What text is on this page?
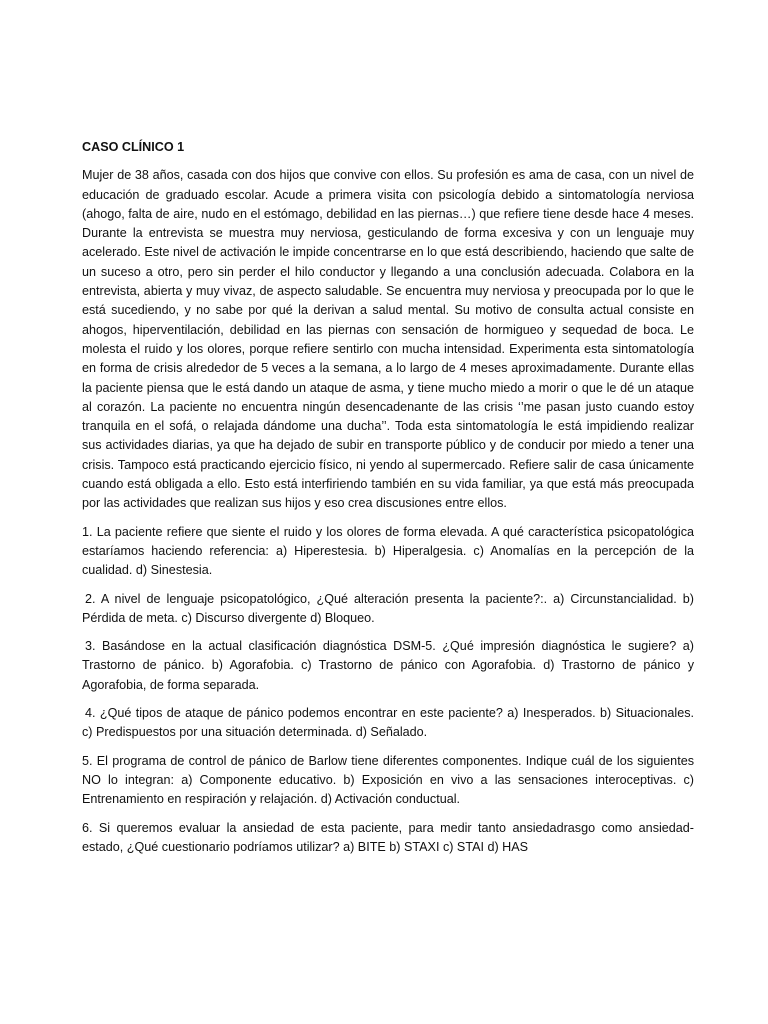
CASO CLÍNICO 1
Mujer de 38 años, casada con dos hijos que convive con ellos. Su profesión es ama de casa, con un nivel de educación de graduado escolar. Acude a primera visita con psicología debido a sintomatología nerviosa (ahogo, falta de aire, nudo en el estómago, debilidad en las piernas…) que refiere tiene desde hace 4 meses. Durante la entrevista se muestra muy nerviosa, gesticulando de forma excesiva y con un lenguaje muy acelerado. Este nivel de activación le impide concentrarse en lo que está describiendo, haciendo que salte de un suceso a otro, pero sin perder el hilo conductor y llegando a una conclusión adecuada. Colabora en la entrevista, abierta y muy vivaz, de aspecto saludable. Se encuentra muy nerviosa y preocupada por lo que le está sucediendo, y no sabe por qué la derivan a salud mental. Su motivo de consulta actual consiste en ahogos, hiperventilación, debilidad en las piernas con sensación de hormigueo y sequedad de boca. Le molesta el ruido y los olores, porque refiere sentirlo con mucha intensidad. Experimenta esta sintomatología en forma de crisis alrededor de 5 veces a la semana, a lo largo de 4 meses aproximadamente. Durante ellas la paciente piensa que le está dando un ataque de asma, y tiene mucho miedo a morir o que le dé un ataque al corazón. La paciente no encuentra ningún desencadenante de las crisis ‘’me pasan justo cuando estoy tranquila en el sofá, o relajada dándome una ducha’’. Toda esta sintomatología le está impidiendo realizar sus actividades diarias, ya que ha dejado de subir en transporte público y de conducir por miedo a tener una crisis. Tampoco está practicando ejercicio físico, ni yendo al supermercado. Refiere salir de casa únicamente cuando está obligada a ello. Esto está interfiriendo también en su vida familiar, ya que está más preocupada por las actividades que realizan sus hijos y eso crea discusiones entre ellos.
1. La paciente refiere que siente el ruido y los olores de forma elevada. A qué característica psicopatológica estaríamos haciendo referencia: a) Hiperestesia. b) Hiperalgesia. c) Anomalías en la percepción de la cualidad. d) Sinestesia.
2. A nivel de lenguaje psicopatológico, ¿Qué alteración presenta la paciente?:. a) Circunstancialidad. b) Pérdida de meta. c) Discurso divergente d) Bloqueo.
3. Basándose en la actual clasificación diagnóstica DSM-5. ¿Qué impresión diagnóstica le sugiere? a) Trastorno de pánico. b) Agorafobia. c) Trastorno de pánico con Agorafobia. d) Trastorno de pánico y Agorafobia, de forma separada.
4. ¿Qué tipos de ataque de pánico podemos encontrar en este paciente? a) Inesperados. b) Situacionales. c) Predispuestos por una situación determinada. d) Señalado.
5. El programa de control de pánico de Barlow tiene diferentes componentes. Indique cuál de los siguientes NO lo integran: a) Componente educativo. b) Exposición en vivo a las sensaciones interoceptivas. c) Entrenamiento en respiración y relajación. d) Activación conductual.
6. Si queremos evaluar la ansiedad de esta paciente, para medir tanto ansiedadrasgo como ansiedad-estado, ¿Qué cuestionario podríamos utilizar? a) BITE b) STAXI c) STAI d) HAS
